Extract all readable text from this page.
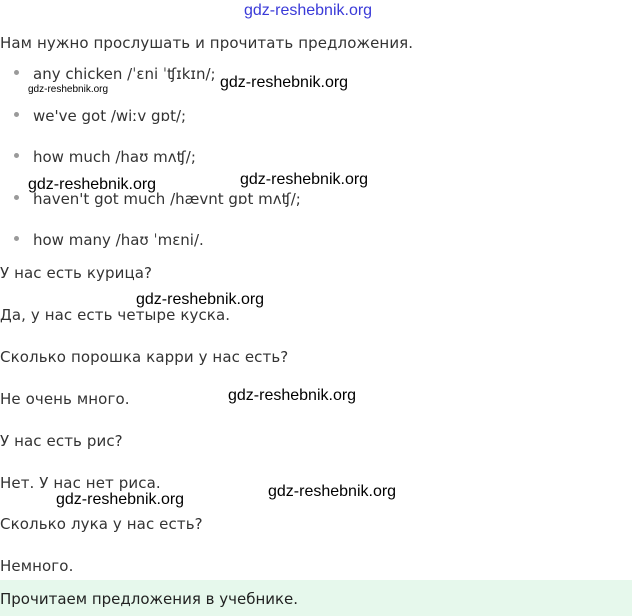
gdz-reshebnik.org
Нам нужно прослушать и прочитать предложения.
any chicken /ˈɛni ˈʧɪkɪn/;
gdz-reshebnik.org	gdz-reshebnik.org
we've got /wiːv gɒt/;
how much /haʊ mʌʧ/;
gdz-reshebnik.org
gdz-reshebnik.org
haven't got much /hævnt gɒt mʌʧ/;
how many /haʊ ˈmɛni/.
У нас есть курица?
gdz-reshebnik.org
Да, у нас есть четыре куска.
Сколько порошка карри у нас есть?
Не очень много.	gdz-reshebnik.org
У нас есть рис?
Нет. У нас нет риса.	gdz-reshebnik.org
gdz-reshebnik.org
Сколько лука у нас есть?
Немного.
Прочитаем предложения в учебнике.
